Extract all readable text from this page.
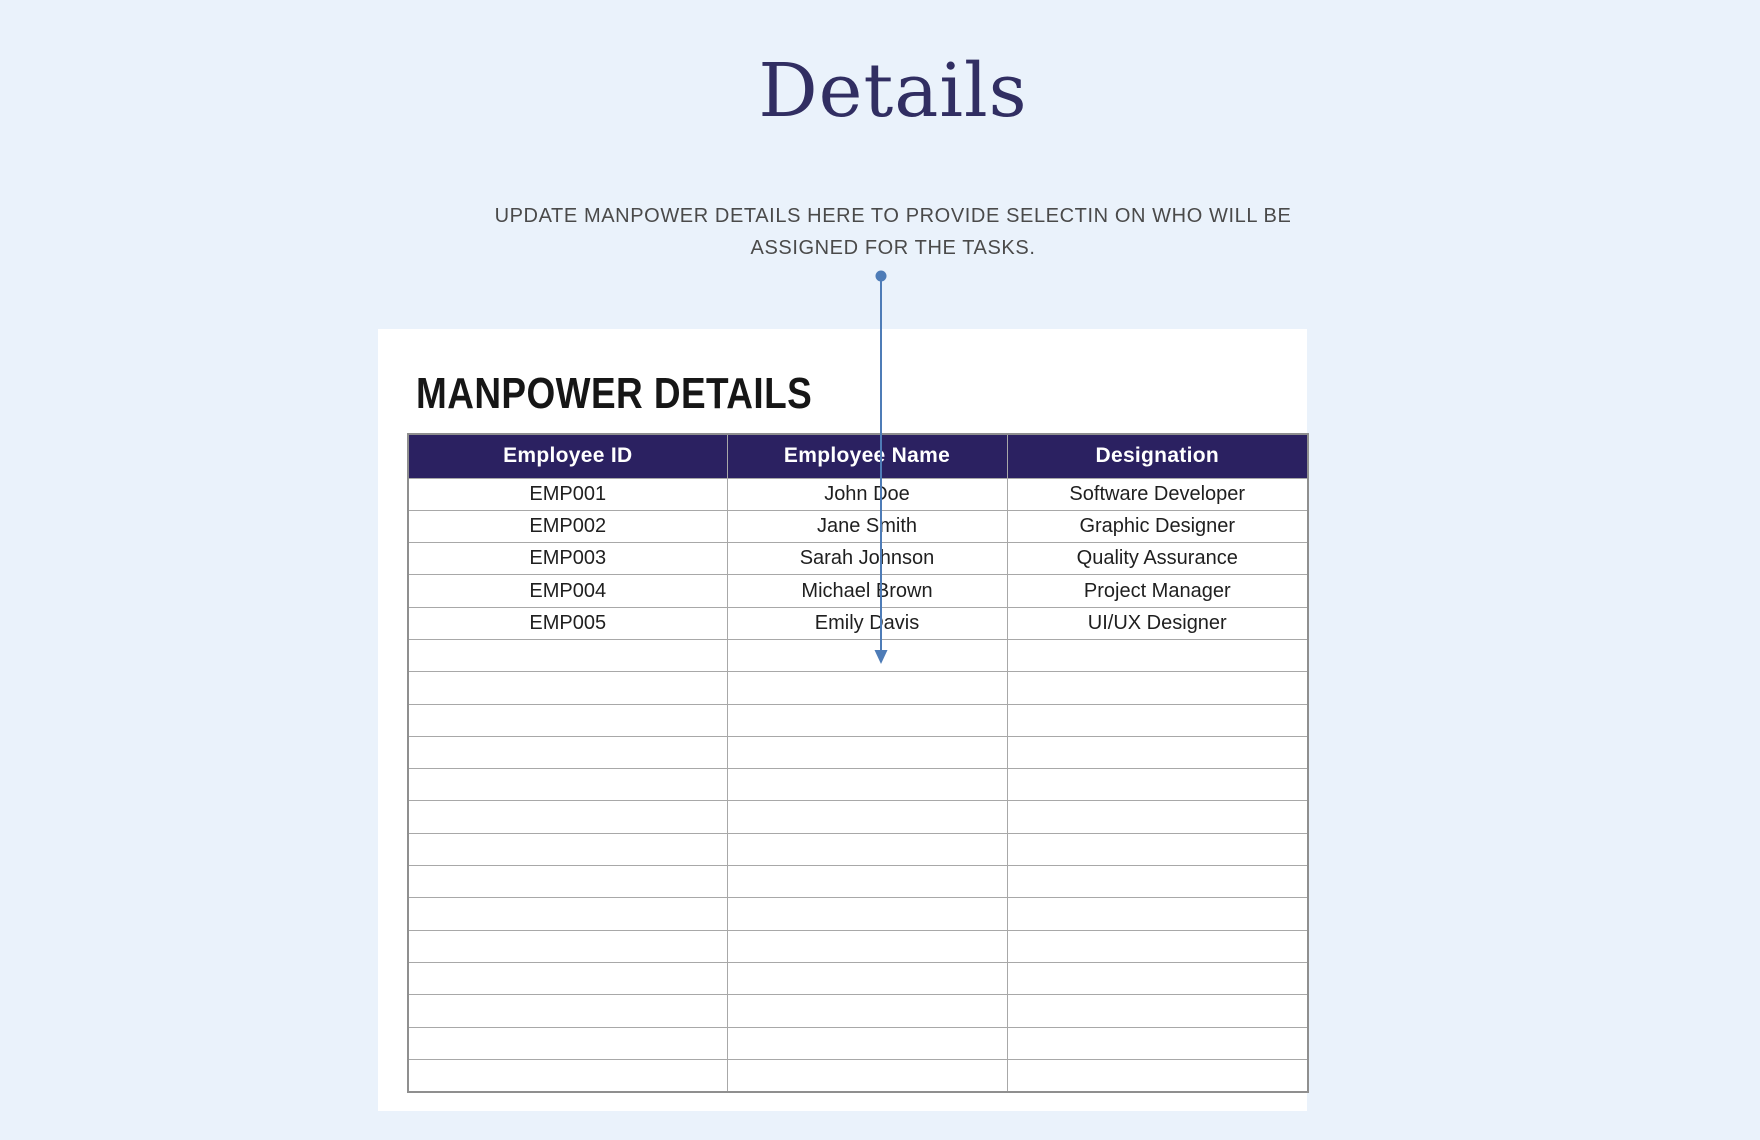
Details

UPDATE MANPOWER DETAILS HERE TO PROVIDE SELECTIN ON WHO WILL BE ASSIGNED FOR THE TASKS.

MANPOWER DETAILS
Employee ID	Employee Name	Designation
EMP001	John Doe	Software Developer
EMP002	Jane Smith	Graphic Designer
EMP003	Sarah Johnson	Quality Assurance
EMP004	Michael Brown	Project Manager
EMP005	Emily Davis	UI/UX Designer
